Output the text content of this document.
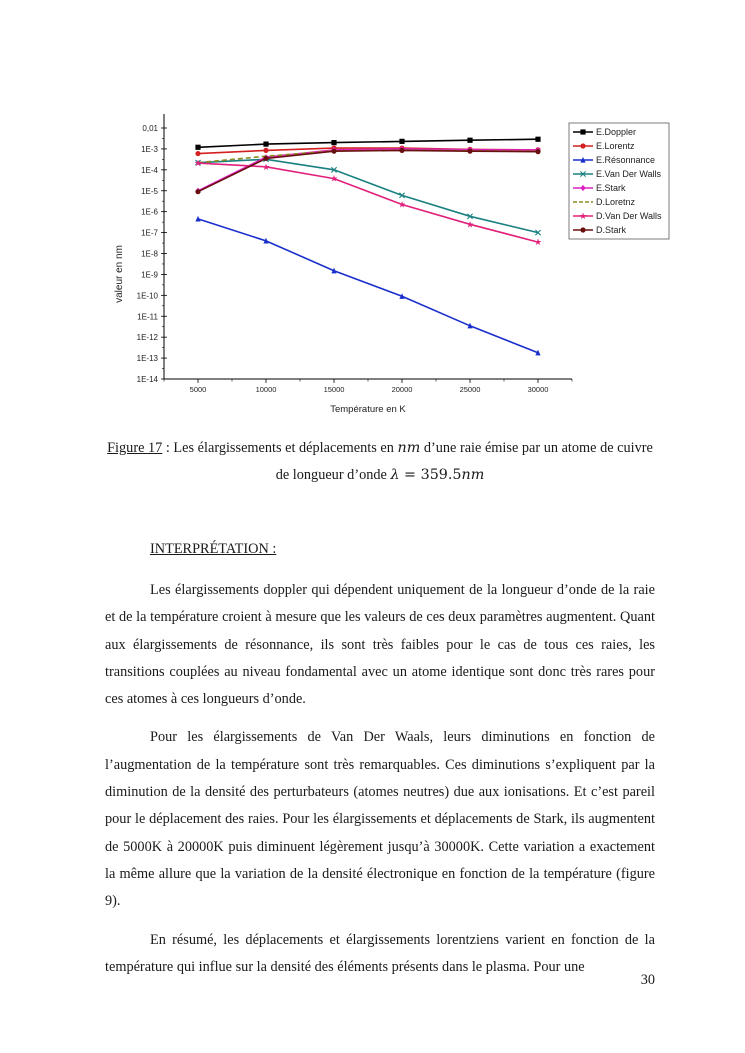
0,01
1E-3
1E-4
1E-5
1E-6
1E-7
1E-8
1E-9
1E-10
1E-11
1E-12
1E-13
1E-14
5000	10000	15000	20000	25000	30000
★	★
★
★
★
★
E.Doppler
E.Lorentz
E.Résonnance
E.Van Der Walls
E.Stark
D.Loretnz
★ D.Van Der Walls
D.Stark
valeur en nm
Température en K
Figure 17 : Les élargissements et déplacements en nm d’une raie émise par un atome de cuivre de longueur d’onde λ = 359.5nm
INTERPRÉTATION :

Les élargissements doppler qui dépendent uniquement de la longueur d’onde de la raie et de la température croient à mesure que les valeurs de ces deux paramètres augmentent. Quant aux élargissements de résonnance, ils sont très faibles pour le cas de tous ces raies, les transitions couplées au niveau fondamental avec un atome identique sont donc très rares pour ces atomes à ces longueurs d’onde.

Pour les élargissements de Van Der Waals, leurs diminutions en fonction de l’augmentation de la température sont très remarquables. Ces diminutions s’expliquent par la diminution de la densité des perturbateurs (atomes neutres) due aux ionisations. Et c’est pareil pour le déplacement des raies. Pour les élargissements et déplacements de Stark, ils augmentent de 5000K à 20000K puis diminuent légèrement jusqu’à 30000K. Cette variation a exactement la même allure que la variation de la densité électronique en fonction de la température (figure 9).

En résumé, les déplacements et élargissements lorentziens varient en fonction de la température qui influe sur la densité des éléments présents dans le plasma. Pour une

30
